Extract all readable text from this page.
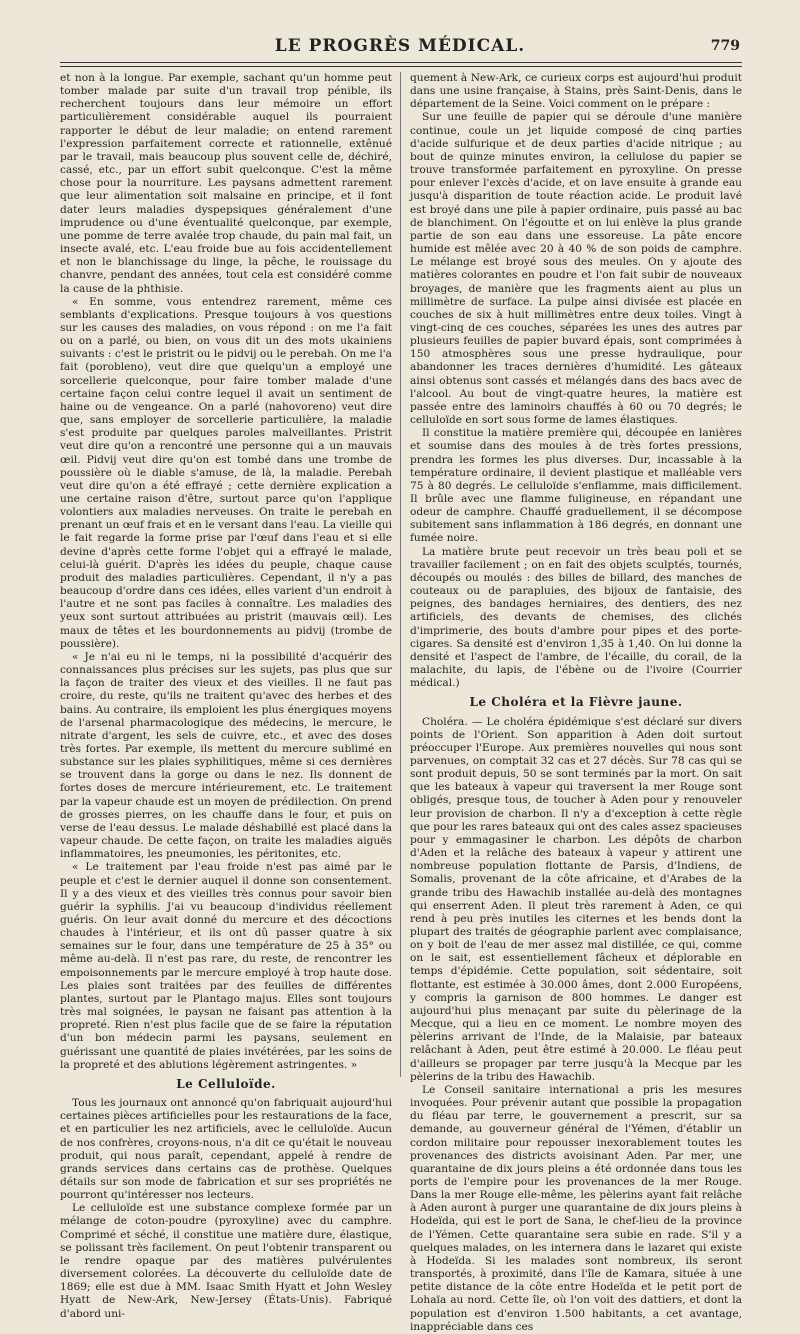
LE PROGRÈS MÉDICAL.	779

et non à la longue. Par exemple, sachant qu'un homme peut tomber malade par suite d'un travail trop pénible, ils recherchent toujours dans leur mémoire un effort particulièrement considérable auquel ils pourraient rapporter le début de leur maladie; on entend rarement l'expression parfaitement correcte et rationnelle, extênué par le travail, mais beaucoup plus souvent celle de, déchiré, cassé, etc., par un effort subit quelconque. C'est la même chose pour la nourriture. Les paysans admettent rarement que leur alimentation soit malsaine en principe, et il font dater leurs maladies dyspepsiques généralement d'une imprudence ou d'une éventualité quelconque, par exemple, une pomme de terre avalée trop chaude, du pain mal fait, un insecte avalé, etc. L'eau froide bue au fois accidentellement et non le blanchissage du linge, la pêche, le rouissage du chanvre, pendant des années, tout cela est considéré comme la cause de la phthisie.

« En somme, vous entendrez rarement, même ces semblants d'explications. Presque toujours à vos questions sur les causes des maladies, on vous répond : on me l'a fait ou on a parlé, ou bien, on vous dit un des mots ukainiens suivants : c'est le pristrit ou le pidvij ou le perebah. On me l'a fait (porobleno), veut dire que quelqu'un a employé une sorcellerie quelconque, pour faire tomber malade d'une certaine façon celui contre lequel il avait un sentiment de haine ou de vengeance. On a parlé (nahovoreno) veut dire que, sans employer de sorcellerie particulière, la maladie s'est produite par quelques paroles malveillantes. Pristrit veut dire qu'on a rencontré une personne qui a un mauvais œil. Pidvij veut dire qu'on est tombé dans une trombe de poussière où le diable s'amuse, de là, la maladie. Perebah veut dire qu'on a été effrayé ; cette dernière explication a une certaine raison d'être, surtout parce qu'on l'applique volontiers aux maladies nerveuses. On traite le perebah en prenant un œuf frais et en le versant dans l'eau. La vieille qui le fait regarde la forme prise par l'œuf dans l'eau et si elle devine d'après cette forme l'objet qui a effrayé le malade, celui-là guérit. D'après les idées du peuple, chaque cause produit des maladies particulières. Cependant, il n'y a pas beaucoup d'ordre dans ces idées, elles varient d'un endroit à l'autre et ne sont pas faciles à connaître. Les maladies des yeux sont surtout attribuées au pristrit (mauvais œil). Les maux de têtes et les bourdonnements au pidvij (trombe de poussière).

« Je n'ai eu ni le temps, ni la possibilité d'acquérir des connaissances plus précises sur les sujets, pas plus que sur la façon de traiter des vieux et des vieilles. Il ne faut pas croire, du reste, qu'ils ne traitent qu'avec des herbes et des bains. Au contraire, ils emploient les plus énergiques moyens de l'arsenal pharmacologique des médecins, le mercure, le nitrate d'argent, les sels de cuivre, etc., et avec des doses très fortes. Par exemple, ils mettent du mercure sublimé en substance sur les plaies syphilitiques, même si ces dernières se trouvent dans la gorge ou dans le nez. Ils donnent de fortes doses de mercure intérieurement, etc. Le traitement par la vapeur chaude est un moyen de prédilection. On prend de grosses pierres, on les chauffe dans le four, et puis on verse de l'eau dessus. Le malade déshabillé est placé dans la vapeur chaude. De cette façon, on traite les maladies aiguës inflammatoires, les pneumonies, les péritonites, etc.

« Le traitement par l'eau froide n'est pas aimé par le peuple et c'est le dernier auquel il donne son consentement. Il y a des vieux et des vieilles très connus pour savoir bien guérir la syphilis. J'ai vu beaucoup d'individus réellement guéris. On leur avait donné du mercure et des décoctions chaudes à l'intérieur, et ils ont dû passer quatre à six semaines sur le four, dans une température de 25 à 35° ou même au-delà. Il n'est pas rare, du reste, de rencontrer les empoisonnements par le mercure employé à trop haute dose. Les plaies sont traitées par des feuilles de différentes plantes, surtout par le Plantago majus. Elles sont toujours très mal soignées, le paysan ne faisant pas attention à la propreté. Rien n'est plus facile que de se faire la réputation d'un bon médecin parmi les paysans, seulement en guérissant une quantité de plaies invétérées, par les soins de la propreté et des ablutions légèrement astringentes. »

Le Celluloïde.

Tous les journaux ont annoncé qu'on fabriquait aujourd'hui certaines pièces artificielles pour les restaurations de la face, et en particulier les nez artificiels, avec le celluloïde. Aucun de nos confrères, croyons-nous, n'a dit ce qu'était le nouveau produit, qui nous paraît, cependant, appelé à rendre de grands services dans certains cas de prothèse. Quelques détails sur son mode de fabrication et sur ses propriétés ne pourront qu'intéresser nos lecteurs.

Le celluloïde est une substance complexe formée par un mélange de coton-poudre (pyroxyline) avec du camphre. Comprimé et séché, il constitue une matière dure, élastique, se polissant très facilement. On peut l'obtenir transparent ou le rendre opaque par des matières pulvérulentes diversement colorées. La découverte du celluloïde date de 1869; elle est due à MM. Isaac Smith Hyatt et John Wesley Hyatt de New-Ark, New-Jersey (États-Unis). Fabriqué d'abord uni-

quement à New-Ark, ce curieux corps est aujourd'hui produit dans une usine française, à Stains, près Saint-Denis, dans le département de la Seine. Voici comment on le prépare :

Sur une feuille de papier qui se déroule d'une manière continue, coule un jet liquide composé de cinq parties d'acide sulfurique et de deux parties d'acide nitrique ; au bout de quinze minutes environ, la cellulose du papier se trouve transformée parfaitement en pyroxyline. On presse pour enlever l'excès d'acide, et on lave ensuite à grande eau jusqu'à disparition de toute réaction acide. Le produit lavé est broyé dans une pile à papier ordinaire, puis passé au bac de blanchiment. On l'égoutte et on lui enlève la plus grande partie de son eau dans une essoreuse. La pâte encore humide est mêlée avec 20 à 40 % de son poids de camphre. Le mélange est broyé sous des meules. On y ajoute des matières colorantes en poudre et l'on fait subir de nouveaux broyages, de manière que les fragments aient au plus un millimètre de surface. La pulpe ainsi divisée est placée en couches de six à huit millimètres entre deux toiles. Vingt à vingt-cinq de ces couches, séparées les unes des autres par plusieurs feuilles de papier buvard épais, sont comprimées à 150 atmosphères sous une presse hydraulique, pour abandonner les traces dernières d'humidité. Les gâteaux ainsi obtenus sont cassés et mélangés dans des bacs avec de l'alcool. Au bout de vingt-quatre heures, la matière est passée entre des laminoirs chauffés à 60 ou 70 degrés; le celluloïde en sort sous forme de lames élastiques.

Il constitue la matière première qui, découpée en lanières et soumise dans des moules à de très fortes pressions, prendra les formes les plus diverses. Dur, incassable à la température ordinaire, il devient plastique et malléable vers 75 à 80 degrés. Le celluloïde s'enflamme, mais difficilement. Il brûle avec une flamme fuligineuse, en répandant une odeur de camphre. Chauffé graduellement, il se décompose subitement sans inflammation à 186 degrés, en donnant une fumée noire.

La matière brute peut recevoir un très beau poli et se travailler facilement ; on en fait des objets sculptés, tournés, découpés ou moulés : des billes de billard, des manches de couteaux ou de parapluies, des bijoux de fantaisie, des peignes, des bandages herniaires, des dentiers, des nez artificiels, des devants de chemises, des clichés d'imprimerie, des bouts d'ambre pour pipes et des porte-cigares. Sa densité est d'environ 1,35 à 1,40. On lui donne la densité et l'aspect de l'ambre, de l'écaille, du corail, de la malachite, du lapis, de l'ébène ou de l'ivoire (Courrier médical.)

Le Choléra et la Fièvre jaune.

Choléra. — Le choléra épidémique s'est déclaré sur divers points de l'Orient. Son apparition à Aden doit surtout préoccuper l'Europe. Aux premières nouvelles qui nous sont parvenues, on comptait 32 cas et 27 décès. Sur 78 cas qui se sont produit depuis, 50 se sont terminés par la mort. On sait que les bateaux à vapeur qui traversent la mer Rouge sont obligés, presque tous, de toucher à Aden pour y renouveler leur provision de charbon. Il n'y a d'exception à cette règle que pour les rares bateaux qui ont des cales assez spacieuses pour y emmagasiner le charbon. Les dépôts de charbon d'Aden et la relâche des bateaux à vapeur y attirent une nombreuse population flottante de Parsis, d'Indiens, de Somalis, provenant de la côte africaine, et d'Arabes de la grande tribu des Hawachib installée au-delà des montagnes qui enserrent Aden. Il pleut très rarement à Aden, ce qui rend à peu près inutiles les citernes et les bends dont la plupart des traités de géographie parlent avec complaisance, on y boit de l'eau de mer assez mal distillée, ce qui, comme on le sait, est essentiellement fâcheux et déplorable en temps d'épidémie. Cette population, soit sédentaire, soit flottante, est estimée à 30.000 âmes, dont 2.000 Européens, y compris la garnison de 800 hommes. Le danger est aujourd'hui plus menaçant par suite du pèlerinage de la Mecque, qui a lieu en ce moment. Le nombre moyen des pèlerins arrivant de l'Inde, de la Malaisie, par bateaux relâchant à Aden, peut être estimé à 20.000. Le fléau peut d'ailleurs se propager par terre jusqu'à la Mecque par les pèlerins de la tribu des Hawachib.

Le Conseil sanitaire international a pris les mesures invoquées. Pour prévenir autant que possible la propagation du fléau par terre, le gouvernement a prescrit, sur sa demande, au gouverneur général de l'Yémen, d'établir un cordon militaire pour repousser inexorablement toutes les provenances des districts avoisinant Aden. Par mer, une quarantaine de dix jours pleins a été ordonnée dans tous les ports de l'empire pour les provenances de la mer Rouge. Dans la mer Rouge elle-même, les pèlerins ayant fait relâche à Aden auront à purger une quarantaine de dix jours pleins à Hodeïda, qui est le port de Sana, le chef-lieu de la province de l'Yémen. Cette quarantaine sera subie en rade. S'il y a quelques malades, on les internera dans le lazaret qui existe à Hodeïda. Si les malades sont nombreux, ils seront transportés, à proximité, dans l'île de Kamara, située à une petite distance de la côte entre Hodeïda et le petit port de Lohaïa au nord. Cette île, où l'on voit des dattiers, et dont la population est d'environ 1.500 habitants, a cet avantage, inappréciable dans ces
